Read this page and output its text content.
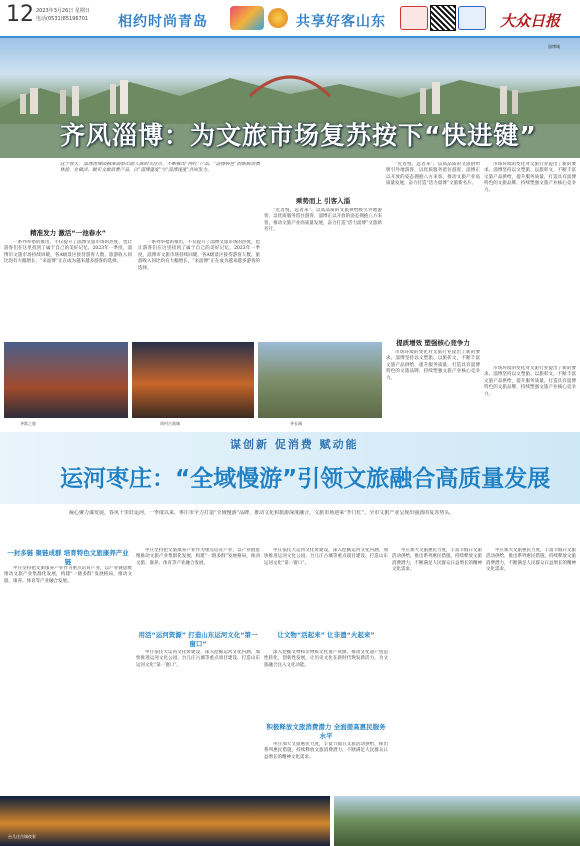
12 2023年3月26日 星期日
电话(0531)85196701 相约时尚青岛	共享好客山东	大众日报
淄博城
齐风淄博：为文旅市场复苏按下“快进键”
这个春天，淄博世博园精准洞察出游人群的关注点，不断推出“网红”产品、“淄博特色”的新鲜消费体验，在做活、做实文旅消费产品，以“淄博温度”与“淄博速度”共同发力。
精准发力 激活“一池春水”

一系列举措的推出，不仅提升了淄博文旅市场的热度，也让游客们在这里找到了属于自己的美好记忆。2023年一季度，淄博市文旅市场持续回暖，各A级景区接待游客人数、旅游收入同比均有大幅增长，“来淄博”正在成为越来越多游客的选择。

一系列举措的推出，不仅提升了淄博文旅市场的热度，也让游客们在这里找到了属于自己的美好记忆。2023年一季度，淄博市文旅市场持续回暖，各A级景区接待游客人数、旅游收入同比均有大幅增长，“来淄博”正在成为越来越多游客的选择。

乘势而上 引客入淄

“近者悦，远者来”。以高品质的文旅供给吸引外地游客，以优质服务留住游客，淄博正以开放的姿态拥抱八方来客，推动文旅产业高质量发展，奋力打造“活力淄博”文旅新名片。

“近者悦，远者来”。以高品质的文旅供给吸引外地游客，以优质服务留住游客，淄博正以开放的姿态拥抱八方来客，推动文旅产业高质量发展，奋力打造“活力淄博”文旅新名片。

市场环境的变化对文旅行业提出了新的要求。淄博坚持以文塑旅、以旅彰文，不断丰富文旅产品供给，提升服务质量，打造具有淄博特色的文旅品牌，持续塑强文旅产业核心竞争力。

提质增效 塑强核心竞争力

市场环境的变化对文旅行业提出了新的要求。淄博坚持以文塑旅、以旅彰文，不断丰富文旅产品供给，提升服务质量，打造具有淄博特色的文旅品牌，持续塑强文旅产业核心竞争力。

市场环境的变化对文旅行业提出了新的要求。淄博坚持以文塑旅、以旅彰文，不断丰富文旅产品供给，提升服务质量，打造具有淄博特色的文旅品牌，持续塑强文旅产业核心竞争力。

齐都之旅	周村古商城	齐长城
谋创新 促消费 赋动能
运河枣庄：“全域慢游”引领文旅融合高质量发展

凝心聚力谋发展，春风十里好运河。一季度以来，枣庄市全力打造“全域慢游”品牌，推动文化和旅游深度融合，文旅市场迎来“开门红”，全市文旅产业呈现出强劲的复苏势头。

一封多链 聚链成群 培育特色文旅康养产业链

枣庄坚持把文旅康养产业作为重点培育产业，以产业链思维推动文旅产业集群化发展，构建“一链多群”发展格局，推动文旅、康养、体育等产业融合发展。

枣庄坚持把文旅康养产业作为重点培育产业，以产业链思维推动文旅产业集群化发展，构建“一链多群”发展格局，推动文旅、康养、体育等产业融合发展。

用活“运河资源” 打造山东运河文化“第一窗口”

枣庄依托大运河文化带建设，深入挖掘运河文化内涵，加快推进运河文化公园、台儿庄古城等重点项目建设，打造山东运河文化“第一窗口”。

枣庄依托大运河文化带建设，深入挖掘运河文化内涵，加快推进运河文化公园、台儿庄古城等重点项目建设，打造山东运河文化“第一窗口”。

让文物“活起来” 让非遗“火起来”

深入挖掘文物和非物质文化遗产资源，推动文化遗产创造性转化、创新性发展，让历史文化在新时代焕发新活力，为文旅融合注入文化动能。

积极释放文旅消费潜力 全面提高惠民服务水平

枣庄加大文旅惠民力度，丰富节假日文旅活动供给，推出系列惠民措施，持续释放文旅消费潜力，不断满足人民群众日益增长的精神文化需求。

枣庄加大文旅惠民力度，丰富节假日文旅活动供给，推出系列惠民措施，持续释放文旅消费潜力，不断满足人民群众日益增长的精神文化需求。

枣庄加大文旅惠民力度，丰富节假日文旅活动供给，推出系列惠民措施，持续释放文旅消费潜力，不断满足人民群众日益增长的精神文化需求。

台儿庄古城夜景
